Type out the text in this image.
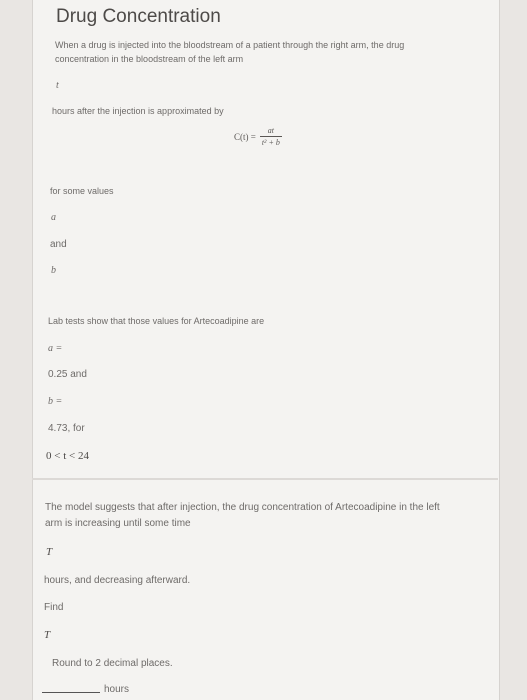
Drug Concentration
When a drug is injected into the bloodstream of a patient through the right arm, the drug
concentration in the bloodstream of the left arm
t
hours after the injection is approximated by
$C(t) = \frac{at}{\text{t² + b}}$
for some values
a
and
b
Lab tests show that those values for Artecoadipine are
a =
0.25 and
b =
4.73, for
0 < t < 24
The model suggests that after injection, the drug concentration of Artecoadipine in the left
arm is increasing until some time
T
hours, and decreasing afterward.
Find
T
Round to 2 decimal places.
hours
